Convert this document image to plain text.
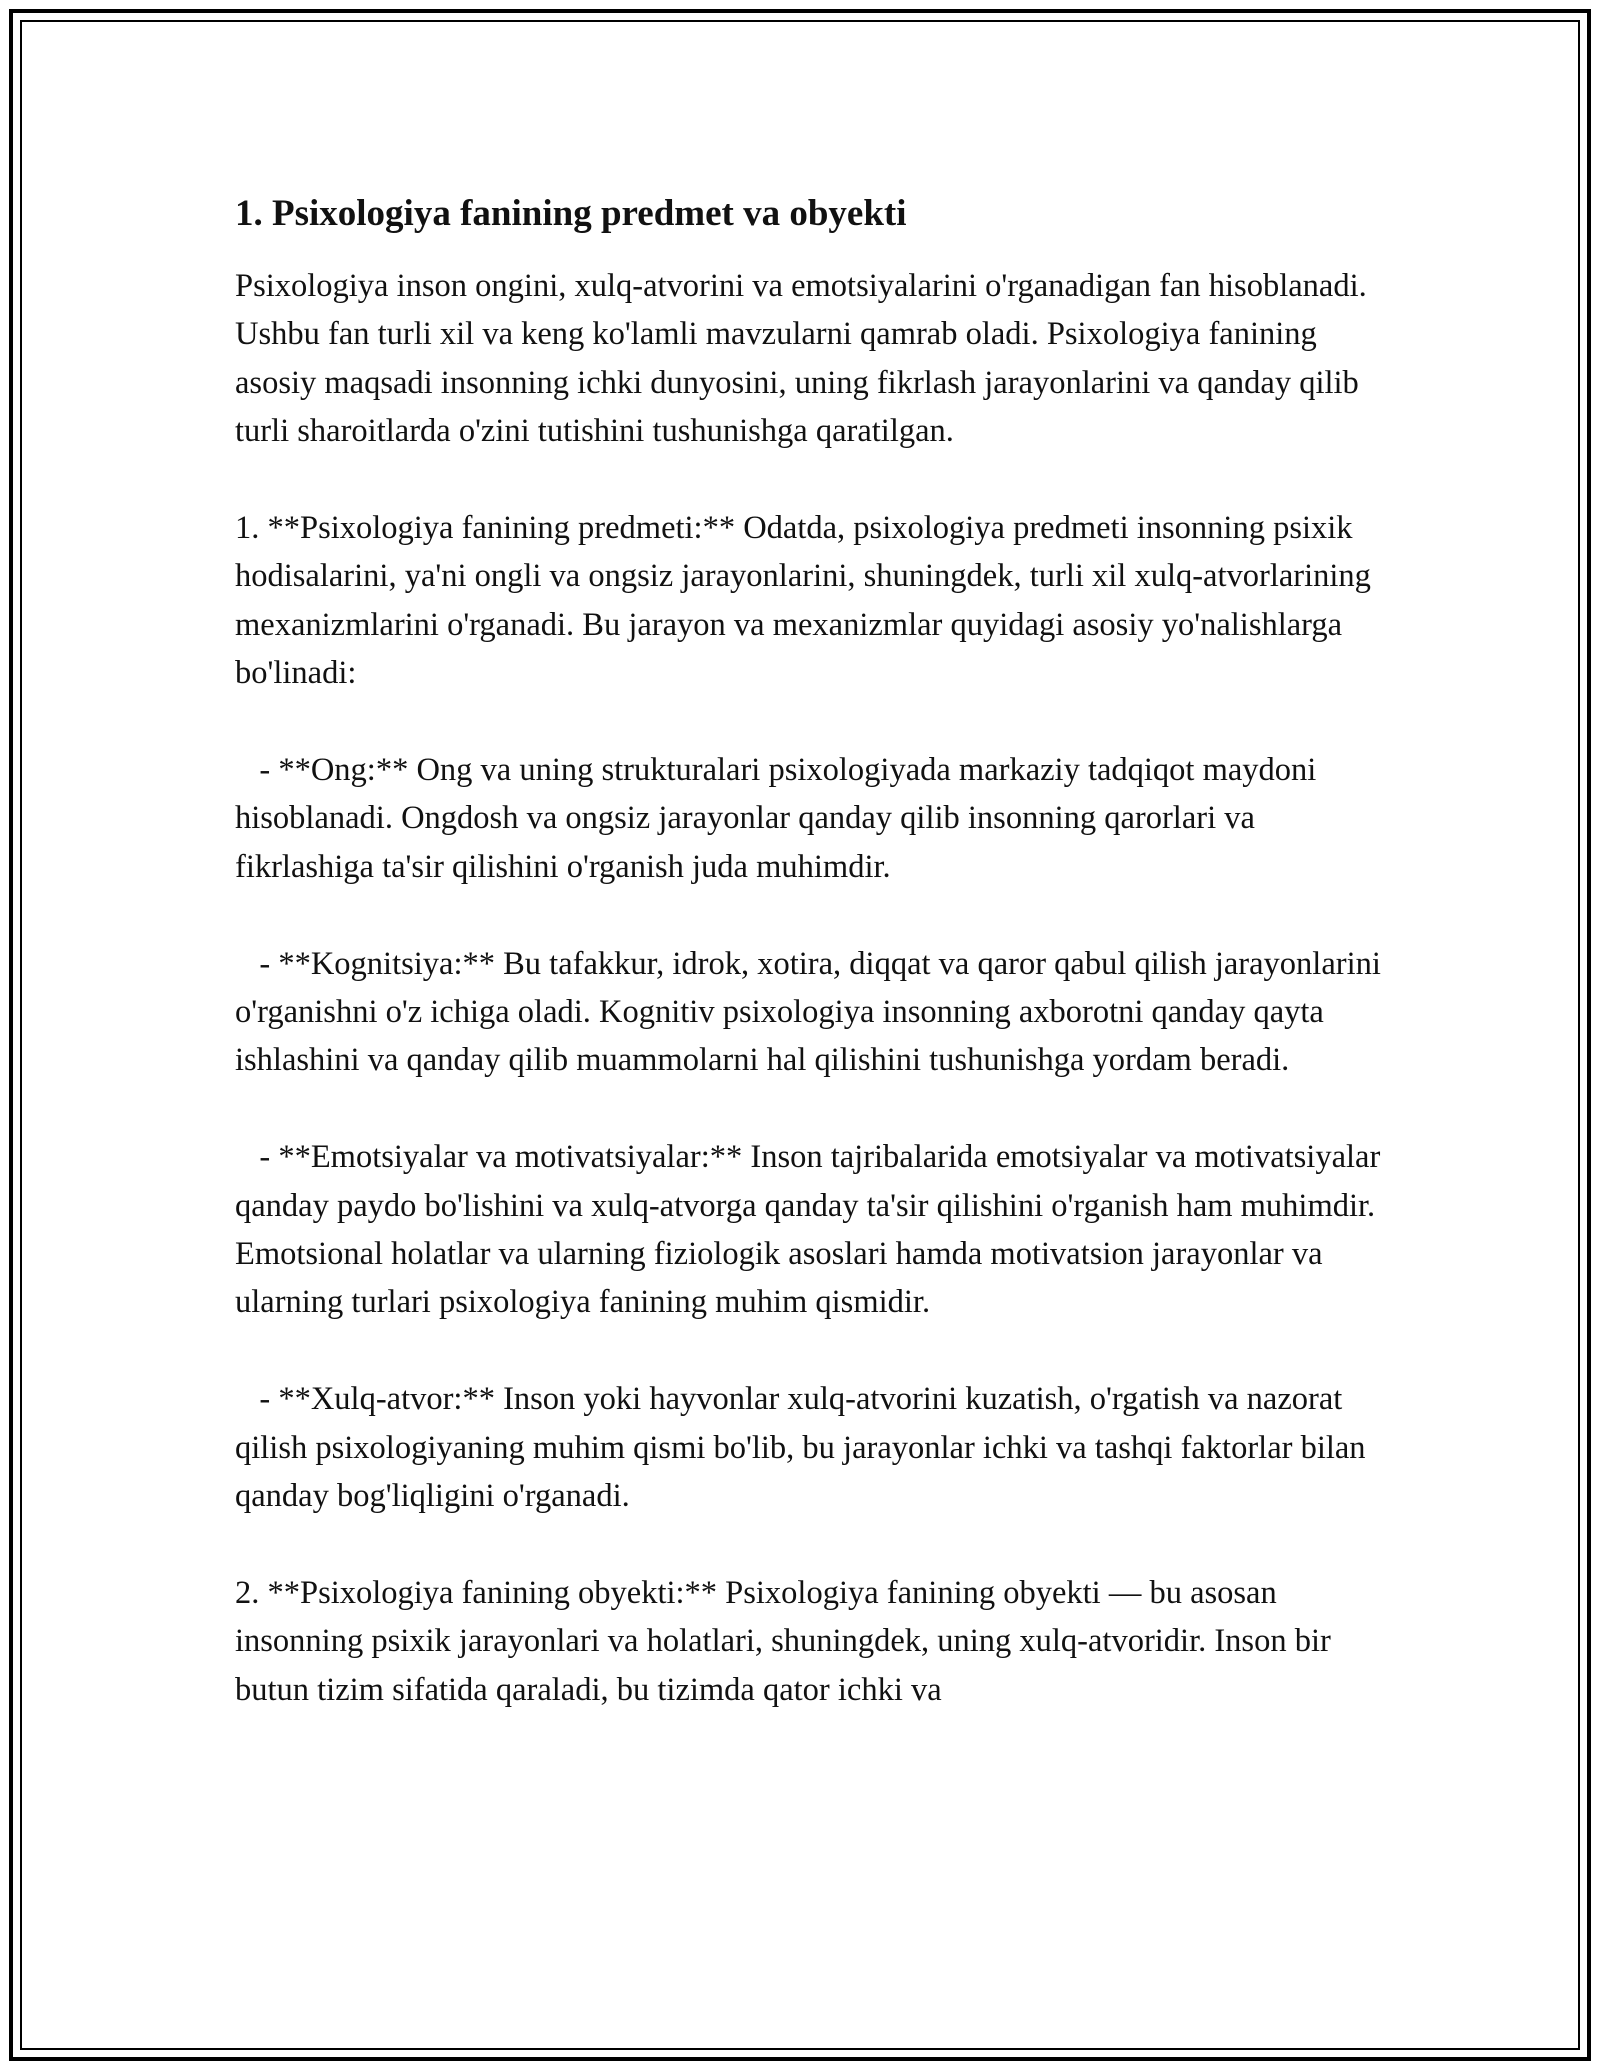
1. Psixologiya fanining predmet va obyekti

Psixologiya inson ongini, xulq-atvorini va emotsiyalarini o'rganadigan fan hisoblanadi. Ushbu fan turli xil va keng ko'lamli mavzularni qamrab oladi. Psixologiya fanining asosiy maqsadi insonning ichki dunyosini, uning fikrlash jarayonlarini va qanday qilib turli sharoitlarda o'zini tutishini tushunishga qaratilgan.

1. **Psixologiya fanining predmeti:** Odatda, psixologiya predmeti insonning psixik hodisalarini, ya'ni ongli va ongsiz jarayonlarini, shuningdek, turli xil xulq-atvorlarining mexanizmlarini o'rganadi. Bu jarayon va mexanizmlar quyidagi asosiy yo'nalishlarga bo'linadi:

- **Ong:** Ong va uning strukturalari psixologiyada markaziy tadqiqot maydoni hisoblanadi. Ongdosh va ongsiz jarayonlar qanday qilib insonning qarorlari va fikrlashiga ta'sir qilishini o'rganish juda muhimdir.

- **Kognitsiya:** Bu tafakkur, idrok, xotira, diqqat va qaror qabul qilish jarayonlarini o'rganishni o'z ichiga oladi. Kognitiv psixologiya insonning axborotni qanday qayta ishlashini va qanday qilib muammolarni hal qilishini tushunishga yordam beradi.

- **Emotsiyalar va motivatsiyalar:** Inson tajribalarida emotsiyalar va motivatsiyalar qanday paydo bo'lishini va xulq-atvorga qanday ta'sir qilishini o'rganish ham muhimdir. Emotsional holatlar va ularning fiziologik asoslari hamda motivatsion jarayonlar va ularning turlari psixologiya fanining muhim qismidir.

- **Xulq-atvor:** Inson yoki hayvonlar xulq-atvorini kuzatish, o'rgatish va nazorat qilish psixologiyaning muhim qismi bo'lib, bu jarayonlar ichki va tashqi faktorlar bilan qanday bog'liqligini o'rganadi.

2. **Psixologiya fanining obyekti:** Psixologiya fanining obyekti — bu asosan insonning psixik jarayonlari va holatlari, shuningdek, uning xulq-atvoridir. Inson bir butun tizim sifatida qaraladi, bu tizimda qator ichki va
